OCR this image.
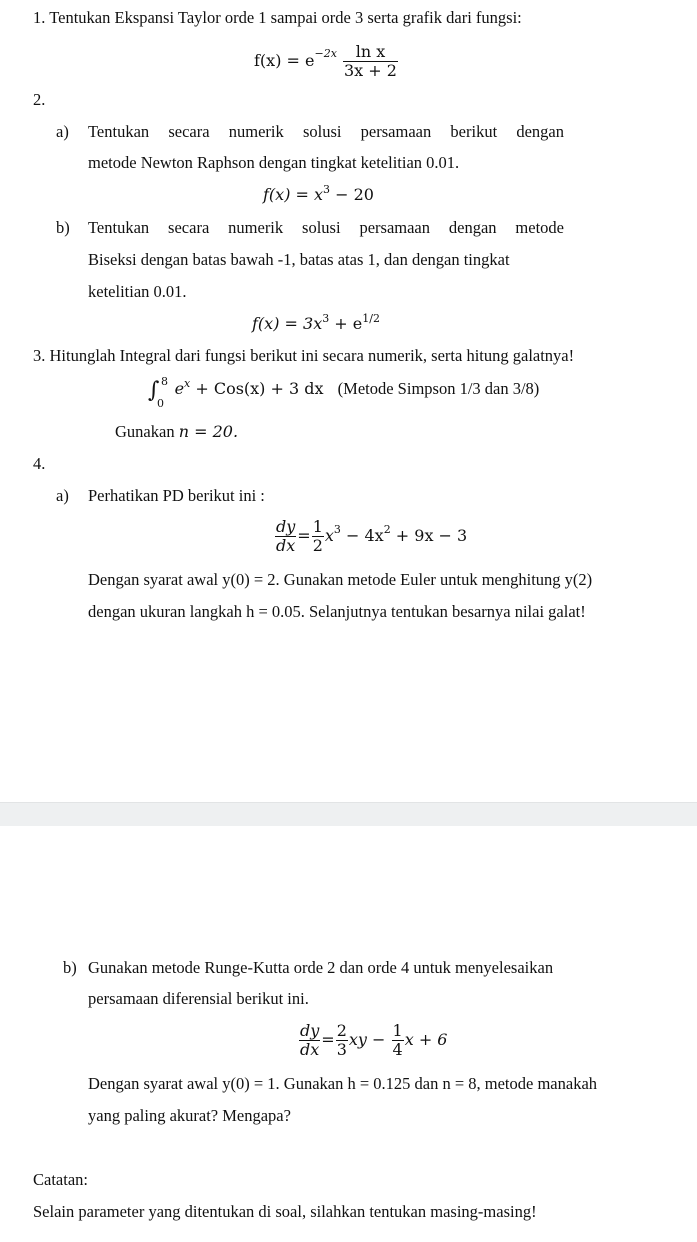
1. Tentukan Ekspansi Taylor orde 1 sampai orde 3 serta grafik dari fungsi:
$f(x) = e^{-2x} \frac{\text{ln x}}{3x + 2}$
2.
a) Tentukan secara numerik solusi persamaan berikut dengan
metode Newton Raphson dengan tingkat ketelitian 0.01.
$f(x) = x^3 - 20$
b) Tentukan secara numerik solusi persamaan dengan metode
Biseksi dengan batas bawah -1, batas atas 1, dan dengan tingkat
ketelitian 0.01.
$f(x) = 3x^3 + e^{1/2}$
3. Hitunglah Integral dari fungsi berikut ini secara numerik, serta hitung galatnya!
∫ 8
0
$e^x + Cos(x) + 3$ dx (Metode Simpson 1/3 dan 3/8)
Gunakan n = 20.
4.
a) Perhatikan PD berikut ini :
$\frac{dy}{dx} = \frac{1}{2} x^3 - 4x^2 + 9x - 3$
Dengan syarat awal y(0) = 2. Gunakan metode Euler untuk menghitung y(2)
dengan ukuran langkah h = 0.05. Selanjutnya tentukan besarnya nilai galat!
b) Gunakan metode Runge-Kutta orde 2 dan orde 4 untuk menyelesaikan
persamaan diferensial berikut ini.
$\frac{dy}{dx} = \frac{2}{3}$ xy − $\frac{1}{4}$ x + 6
Dengan syarat awal y(0) = 1. Gunakan h = 0.125 dan n = 8, metode manakah
yang paling akurat? Mengapa?
Catatan:
Selain parameter yang ditentukan di soal, silahkan tentukan masing-masing!
